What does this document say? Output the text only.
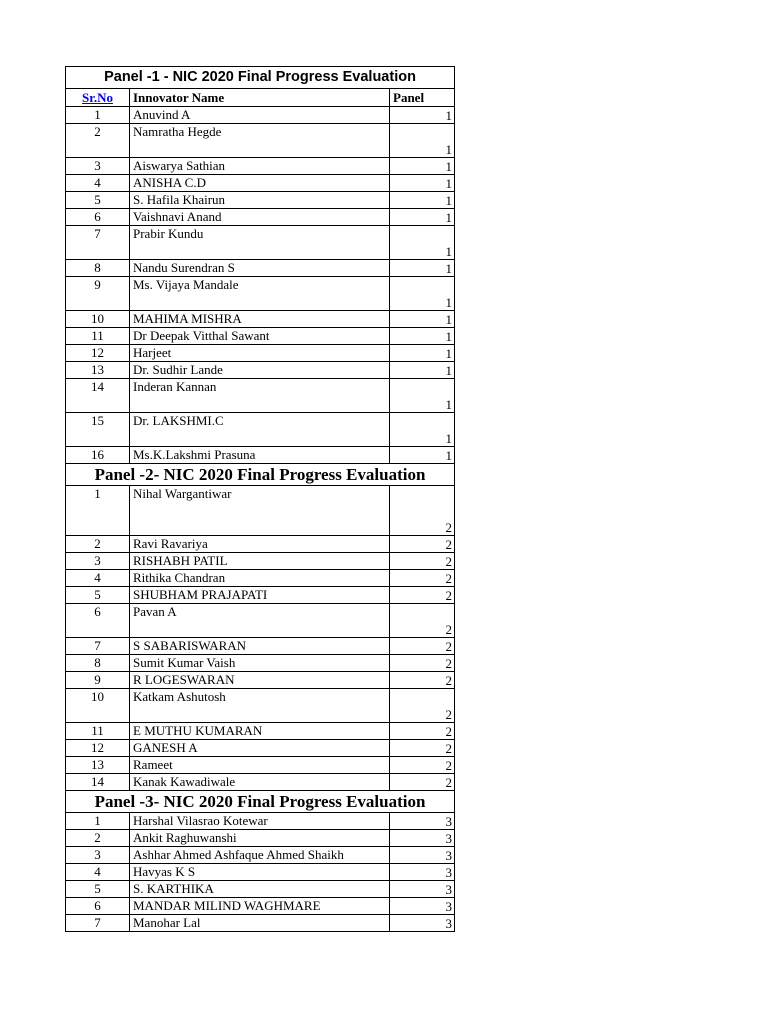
Panel -1 - NIC 2020 Final Progress Evaluation		
Sr.No	Innovator Name	Panel
1	Anuvind A	1
2	Namratha Hegde	1
3	Aiswarya Sathian	1
4	ANISHA C.D	1
5	S. Hafila Khairun	1
6	Vaishnavi Anand	1
7	Prabir Kundu	1
8	Nandu Surendran S	1
9	Ms. Vijaya Mandale	1
10	MAHIMA MISHRA	1
11	Dr Deepak Vitthal Sawant	1
12	Harjeet	1
13	Dr. Sudhir Lande	1
14	Inderan Kannan	1
15	Dr. LAKSHMI.C	1
16	Ms.K.Lakshmi Prasuna	1
Panel -2- NIC 2020 Final Progress Evaluation		
1	Nihal Wargantiwar	2
2	Ravi Ravariya	2
3	RISHABH PATIL	2
4	Rithika Chandran	2
5	SHUBHAM PRAJAPATI	2
6	Pavan A	2
7	S SABARISWARAN	2
8	Sumit Kumar Vaish	2
9	R LOGESWARAN	2
10	Katkam Ashutosh	2
11	E MUTHU KUMARAN	2
12	GANESH A	2
13	Rameet	2
14	Kanak Kawadiwale	2
Panel -3- NIC 2020 Final Progress Evaluation		
1	Harshal Vilasrao Kotewar	3
2	Ankit Raghuwanshi	3
3	Ashhar Ahmed Ashfaque Ahmed Shaikh	3
4	Havyas K S	3
5	S. KARTHIKA	3
6	MANDAR MILIND WAGHMARE	3
7	Manohar Lal	3
